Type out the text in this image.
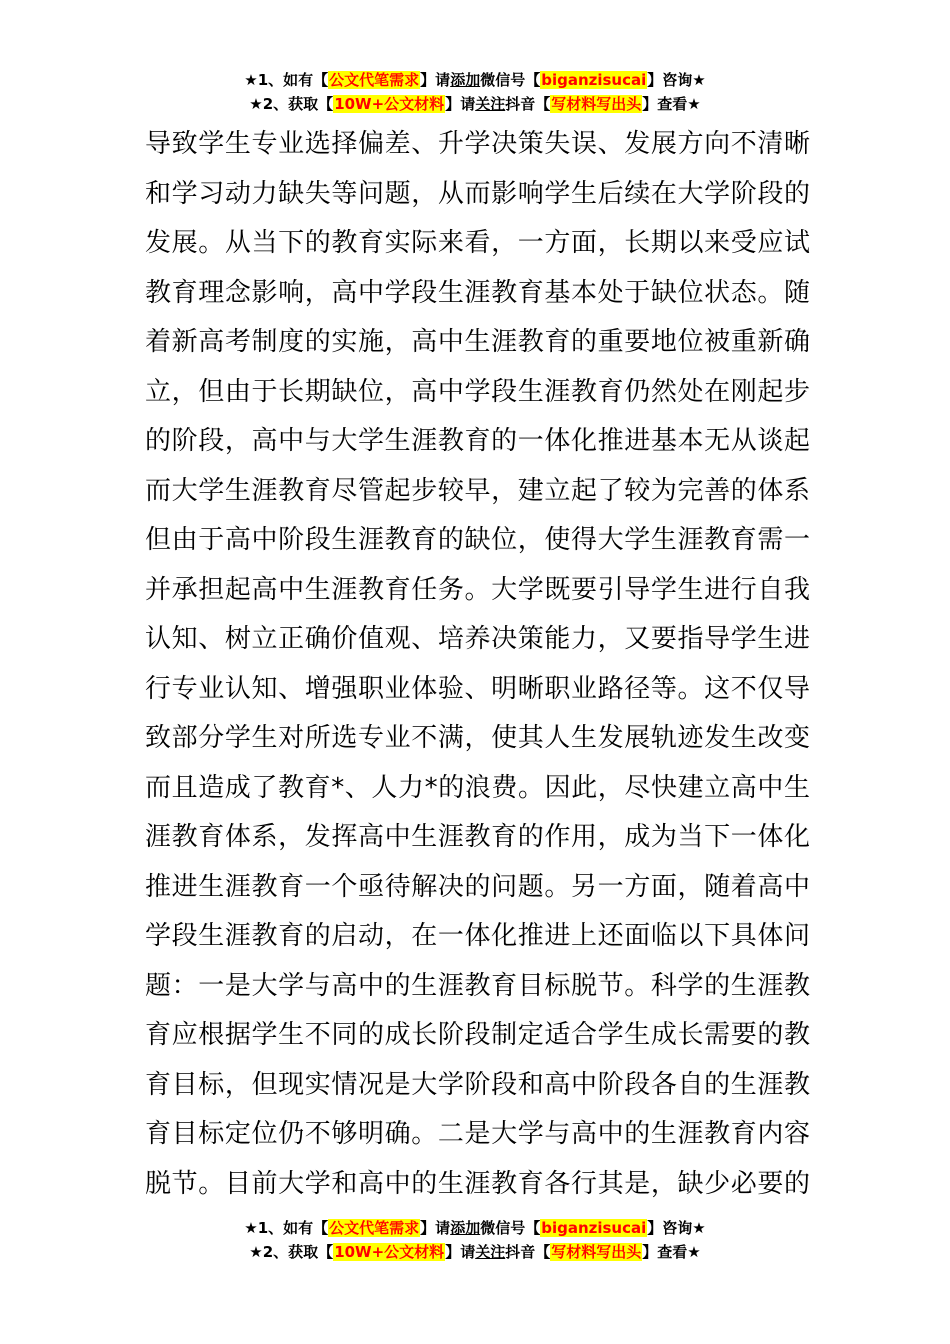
★1、如有【公文代笔需求】请添加微信号【biganzisucai】咨询★
★2、获取【10W+公文材料】请关注抖音【写材料写出头】查看★
导致学生专业选择偏差、升学决策失误、发展方向不清晰
和学习动力缺失等问题，从而影响学生后续在大学阶段的
发展。从当下的教育实际来看，一方面，长期以来受应试
教育理念影响，高中学段生涯教育基本处于缺位状态。随
着新高考制度的实施，高中生涯教育的重要地位被重新确
立，但由于长期缺位，高中学段生涯教育仍然处在刚起步
的阶段，高中与大学生涯教育的一体化推进基本无从谈起
而大学生涯教育尽管起步较早，建立起了较为完善的体系
但由于高中阶段生涯教育的缺位，使得大学生涯教育需一
并承担起高中生涯教育任务。大学既要引导学生进行自我
认知、树立正确价值观、培养决策能力，又要指导学生进
行专业认知、增强职业体验、明晰职业路径等。这不仅导
致部分学生对所选专业不满，使其人生发展轨迹发生改变
而且造成了教育*、人力*的浪费。因此，尽快建立高中生
涯教育体系，发挥高中生涯教育的作用，成为当下一体化
推进生涯教育一个亟待解决的问题。另一方面，随着高中
学段生涯教育的启动，在一体化推进上还面临以下具体问
题：一是大学与高中的生涯教育目标脱节。科学的生涯教
育应根据学生不同的成长阶段制定适合学生成长需要的教
育目标，但现实情况是大学阶段和高中阶段各自的生涯教
育目标定位仍不够明确。二是大学与高中的生涯教育内容
脱节。目前大学和高中的生涯教育各行其是，缺少必要的
★1、如有【公文代笔需求】请添加微信号【biganzisucai】咨询★
★2、获取【10W+公文材料】请关注抖音【写材料写出头】查看★
